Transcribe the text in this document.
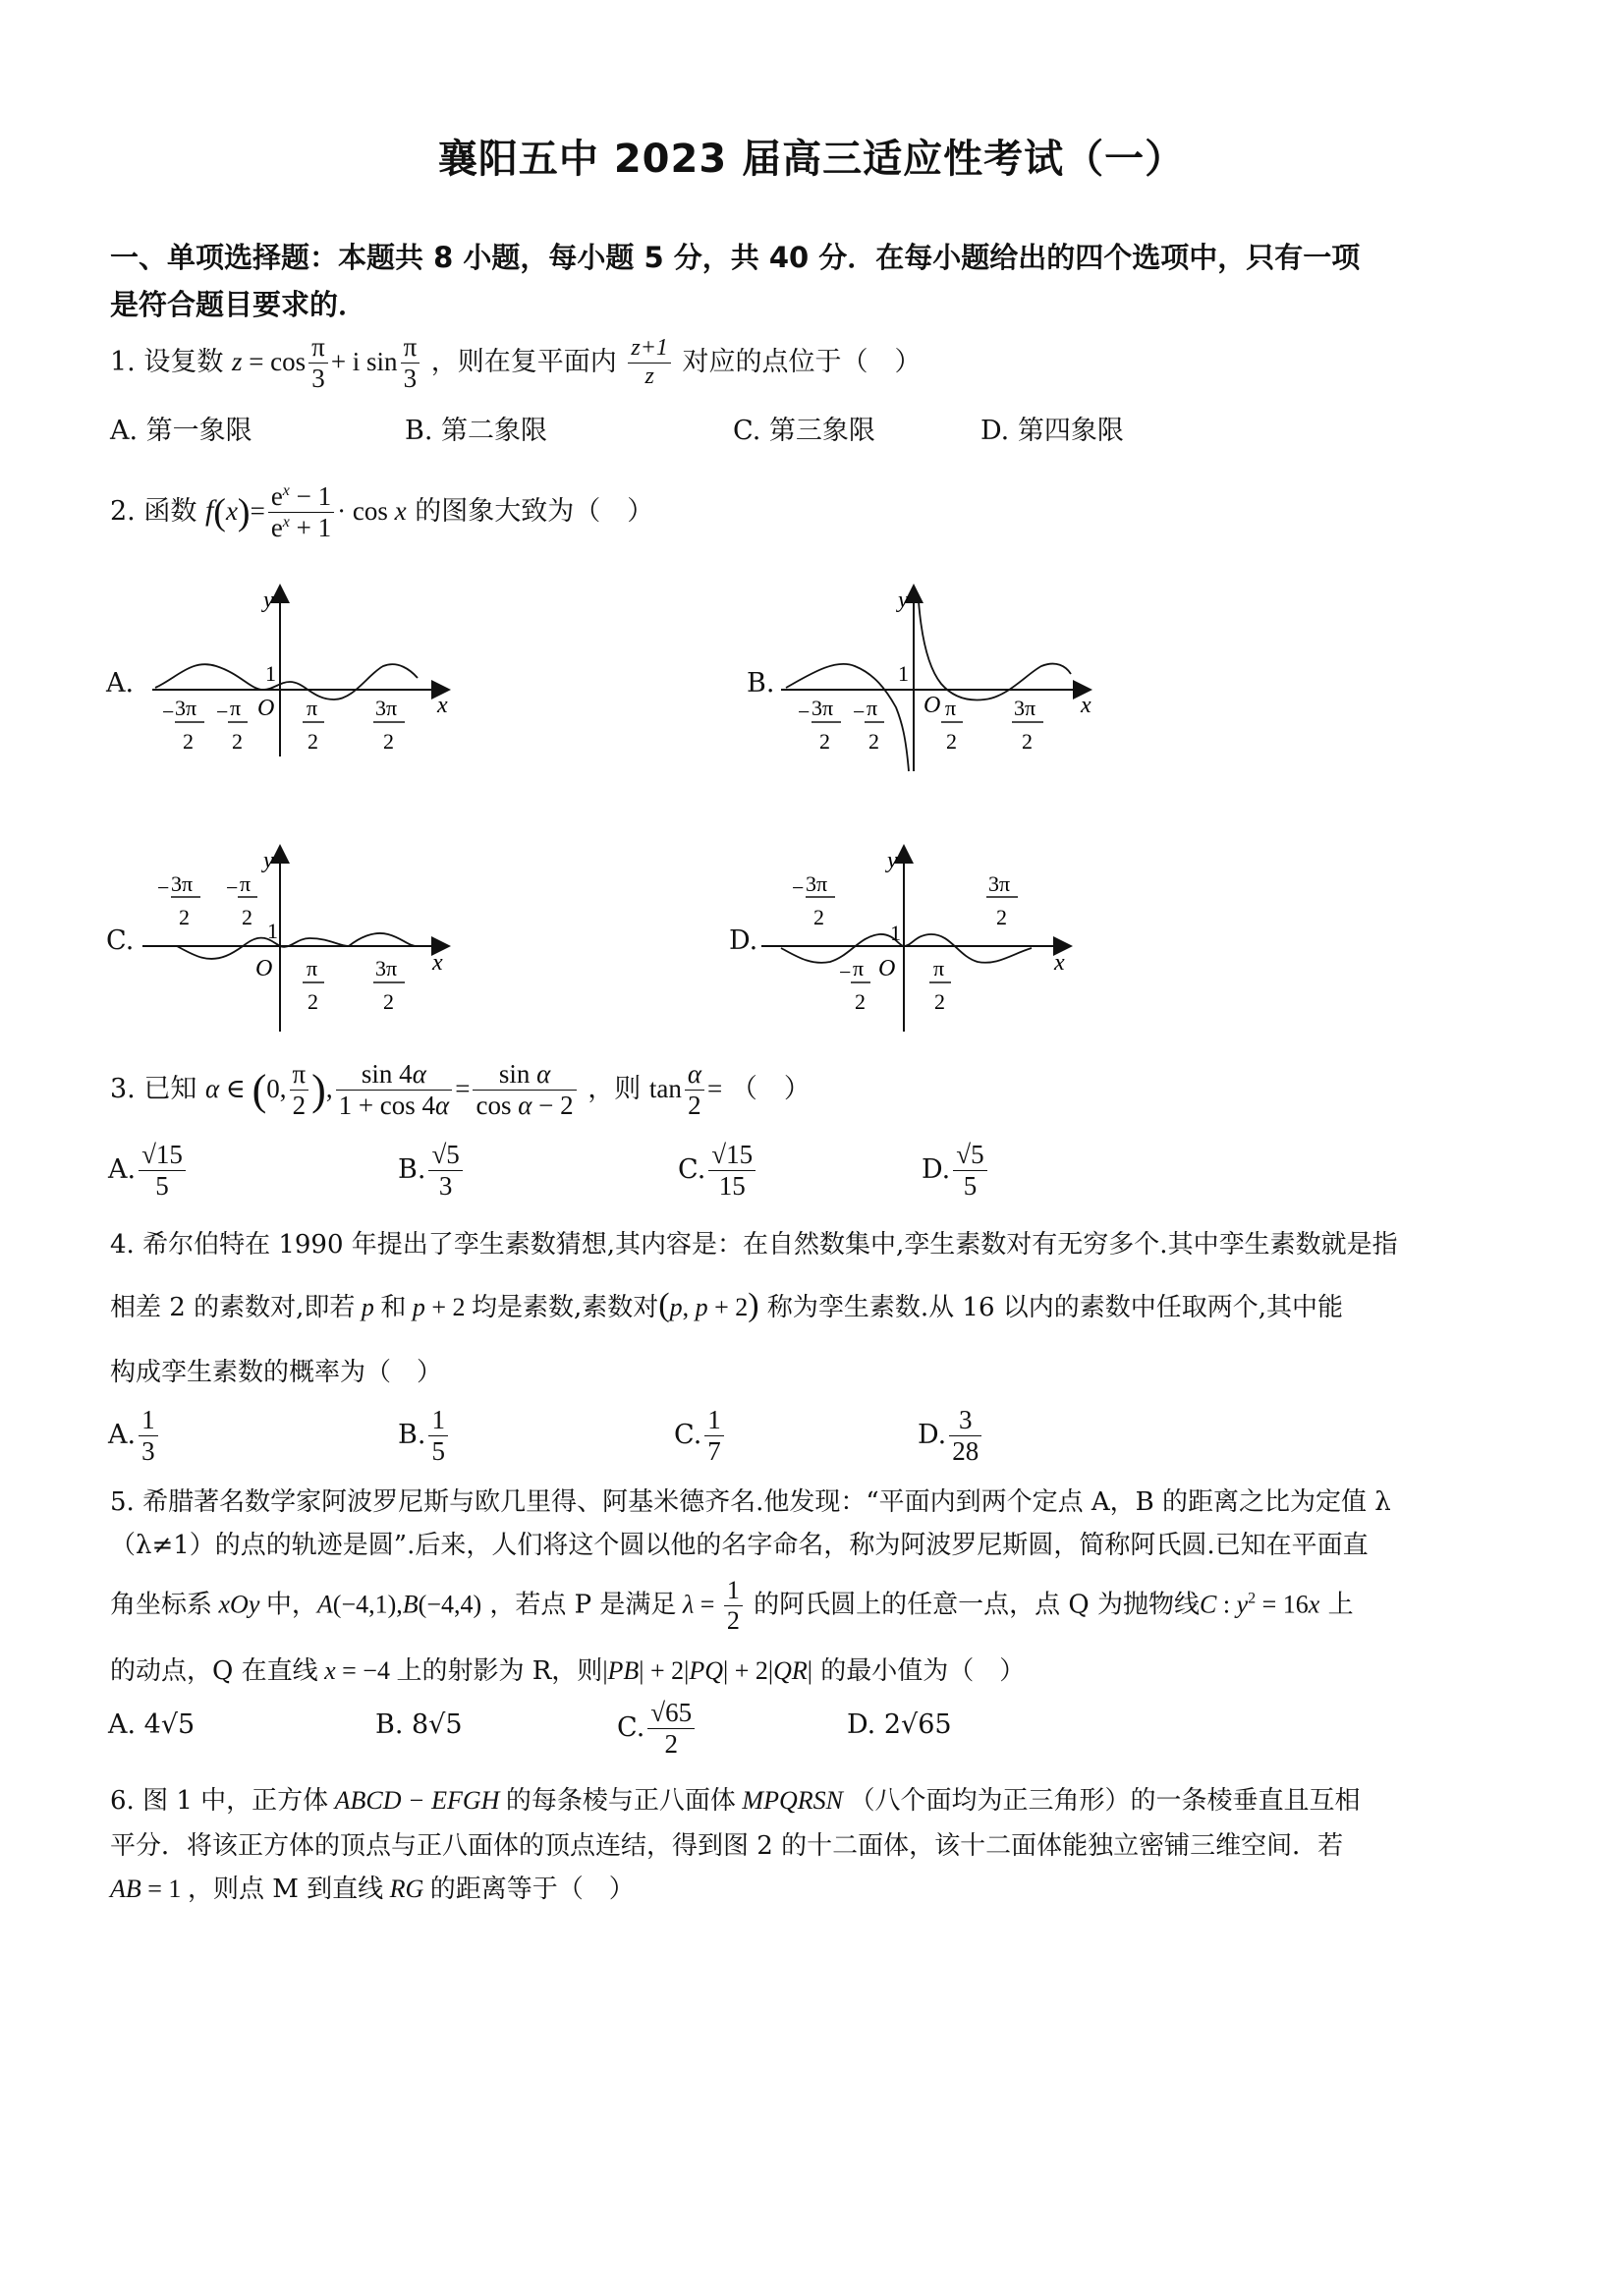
襄阳五中 2023 届高三适应性考试（一）
一、单项选择题：本题共 8 小题，每小题 5 分，共 40 分．在每小题给出的四个选项中，只有一项
是符合题目要求的．
1. 设复数 $z = \cos \frac{\pi}{3} + i$ $\sin \frac{\pi}{3}$ ，则在复平面内 $\frac{z+1}{z}$ 对应的点位于（　）
A. 第一象限	B. 第二象限	C. 第三象限	D. 第四象限
2. 函数 $f(x)= \frac{e^x - 1}{e^x + 1} \cdot \cos x$ 的图象大致为（　）
A.	B.
C.	D.
y
x
1
O
− 3π
2
− π
2
π
2
3π
2
y
x
1
O
− 3π
2
− π
2
π
2
3π
2
y
x
1
O
− 3π
2
− π
2
π
2
3π
2
y
x
1
O
− 3π
2
3π
2
− π
2
π
2
3. 已知 α ∈ (0, $\frac{\pi}{2}$ ), $\frac{\sin 4\alpha}{1 + \cos 4\alpha} = \frac{\text{sin α}}{\text{cos α − 2}}$ ，则 $\tan \frac{\alpha}{2}$ = （　）
A. $\frac{√15}{5}$	B. $\frac{√5}{3}$	C. $\frac{√15}{15}$	D. $\frac{√5}{5}$
4. 希尔伯特在 1990 年提出了孪生素数猜想,其内容是：在自然数集中,孪生素数对有无穷多个.其中孪生素数就是指
相差 2 的素数对,即若 p 和 p + 2 均是素数,素数对(p, p + 2) 称为孪生素数.从 16 以内的素数中任取两个,其中能
构成孪生素数的概率为（　）
A. $\frac{1}{3}$	B. $\frac{1}{5}$	C. $\frac{1}{7}$	D. $\frac{3}{28}$
5. 希腊著名数学家阿波罗尼斯与欧几里得、阿基米德齐名.他发现：“平面内到两个定点 A，B 的距离之比为定值 λ
（λ≠1）的点的轨迹是圆”.后来，人们将这个圆以他的名字命名，称为阿波罗尼斯圆，简称阿氏圆.已知在平面直
角坐标系 xOy 中，A(−4,1),B(−4,4) ，若点 P 是满足 $\lambda = \frac{1}{2}$ 的阿氏圆上的任意一点，点 Q 为抛物线C : $y^2 = 16x$ 上
的动点，Q 在直线 x = −4 上的射影为 R，则|PB| + 2|PQ| + 2|QR| 的最小值为（　）
A. 4√5	B. 8√5	C. $\frac{√65}{2}$	D. 2√65
6. 图 1 中，正方体 ABCD − EFGH 的每条棱与正八面体 MPQRSN （八个面均为正三角形）的一条棱垂直且互相
平分．将该正方体的顶点与正八面体的顶点连结，得到图 2 的十二面体，该十二面体能独立密铺三维空间．若
AB = 1 ，则点 M 到直线 RG 的距离等于（　）
